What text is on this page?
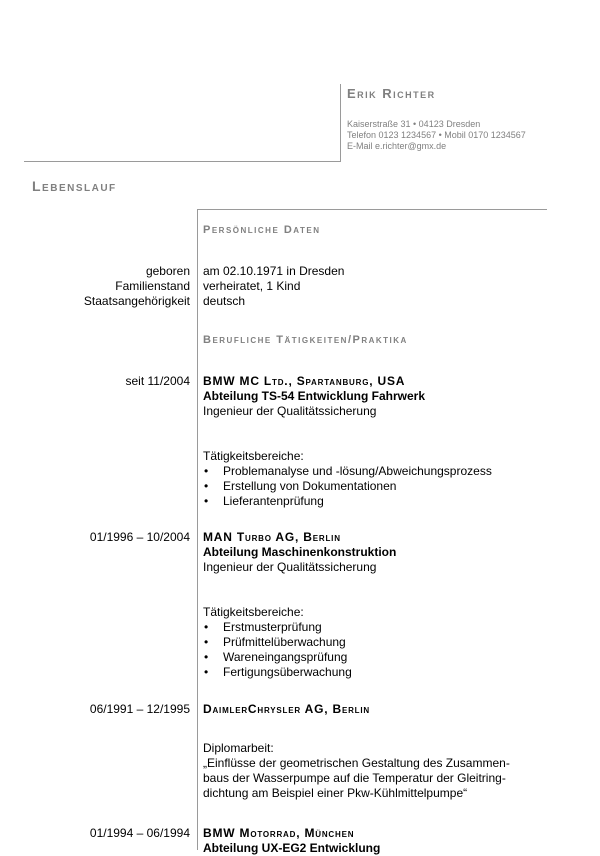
Erik Richter
Kaiserstraße 31 • 04123 Dresden
Telefon 0123 1234567 • Mobil 0170 1234567
E-Mail e.richter@gmx.de
Lebenslauf
Persönliche Daten
geboren
Familienstand
Staatsangehörigkeit
am 02.10.1971 in Dresden
verheiratet, 1 Kind
deutsch
Berufliche Tätigkeiten/Praktika
seit 11/2004 BMW MC Ltd., Spartanburg, USA
Abteilung TS-54 Entwicklung Fahrwerk
Ingenieur der Qualitätssicherung
Tätigkeitsbereiche:
• Problemanalyse und -lösung/Abweichungsprozess
• Erstellung von Dokumentationen
• Lieferantenprüfung
01/1996 – 10/2004 MAN Turbo AG, Berlin
Abteilung Maschinenkonstruktion
Ingenieur der Qualitätssicherung
Tätigkeitsbereiche:
• Erstmusterprüfung
• Prüfmittelüberwachung
• Wareneingangsprüfung
• Fertigungsüberwachung
06/1991 – 12/1995 DaimlerChrysler AG, Berlin
Diplomarbeit:
„Einflüsse der geometrischen Gestaltung des Zusammen-
baus der Wasserpumpe auf die Temperatur der Gleitring-
dichtung am Beispiel einer Pkw-Kühlmittelpumpe“
01/1994 – 06/1994 BMW Motorrad, München
Abteilung UX-EG2 Entwicklung
